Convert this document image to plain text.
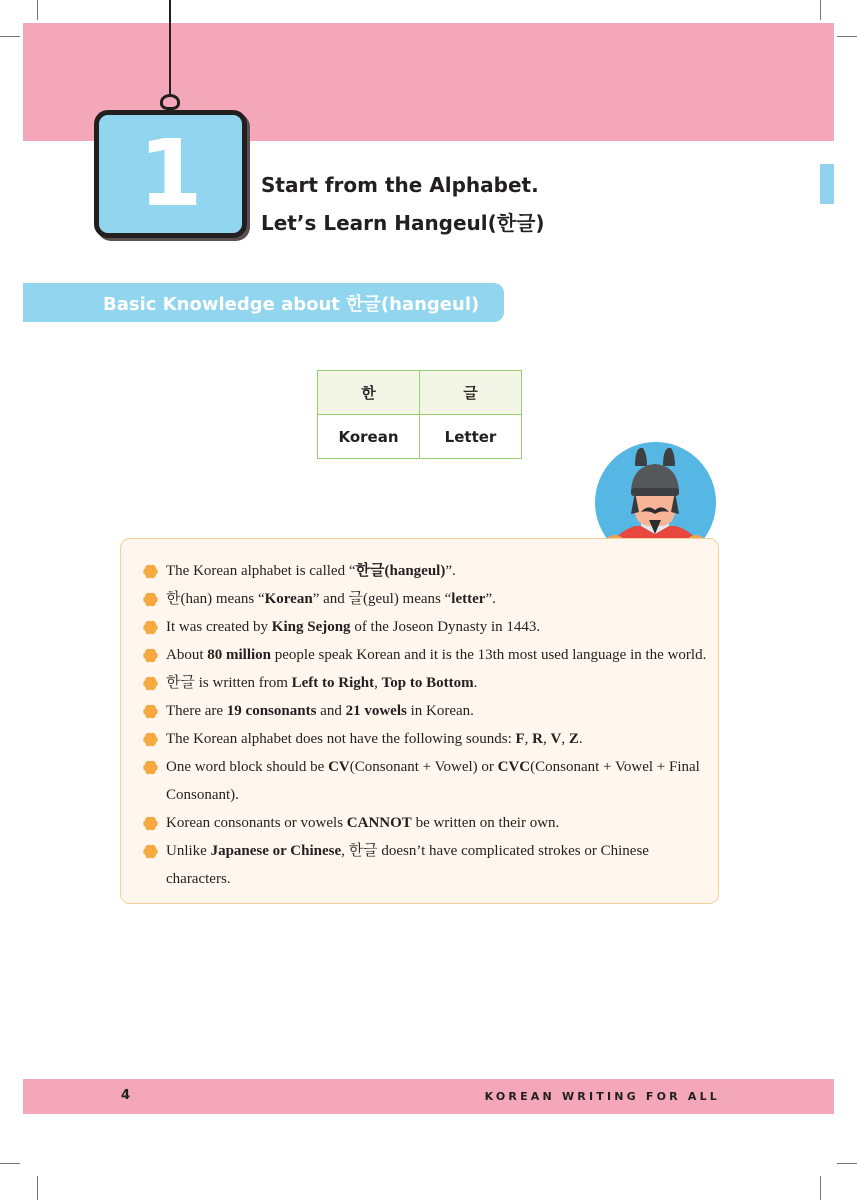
1	Start from the Alphabet.
Let’s Learn Hangeul(한글)
Basic Knowledge about 한글(hangeul)
한	글
Korean	Letter
The Korean alphabet is called “한글(hangeul)”.
한(han) means “Korean” and 글(geul) means “letter”.
It was created by King Sejong of the Joseon Dynasty in 1443.
About 80 million people speak Korean and it is the 13th most used language in the world.
한글 is written from Left to Right, Top to Bottom.
There are 19 consonants and 21 vowels in Korean.
The Korean alphabet does not have the following sounds: F, R, V, Z.
One word block should be CV(Consonant + Vowel) or CVC(Consonant + Vowel + Final Consonant).
Korean consonants or vowels CANNOT be written on their own.
Unlike Japanese or Chinese, 한글 doesn’t have complicated strokes or Chinese characters.
4	KOREAN WRITING FOR ALL
